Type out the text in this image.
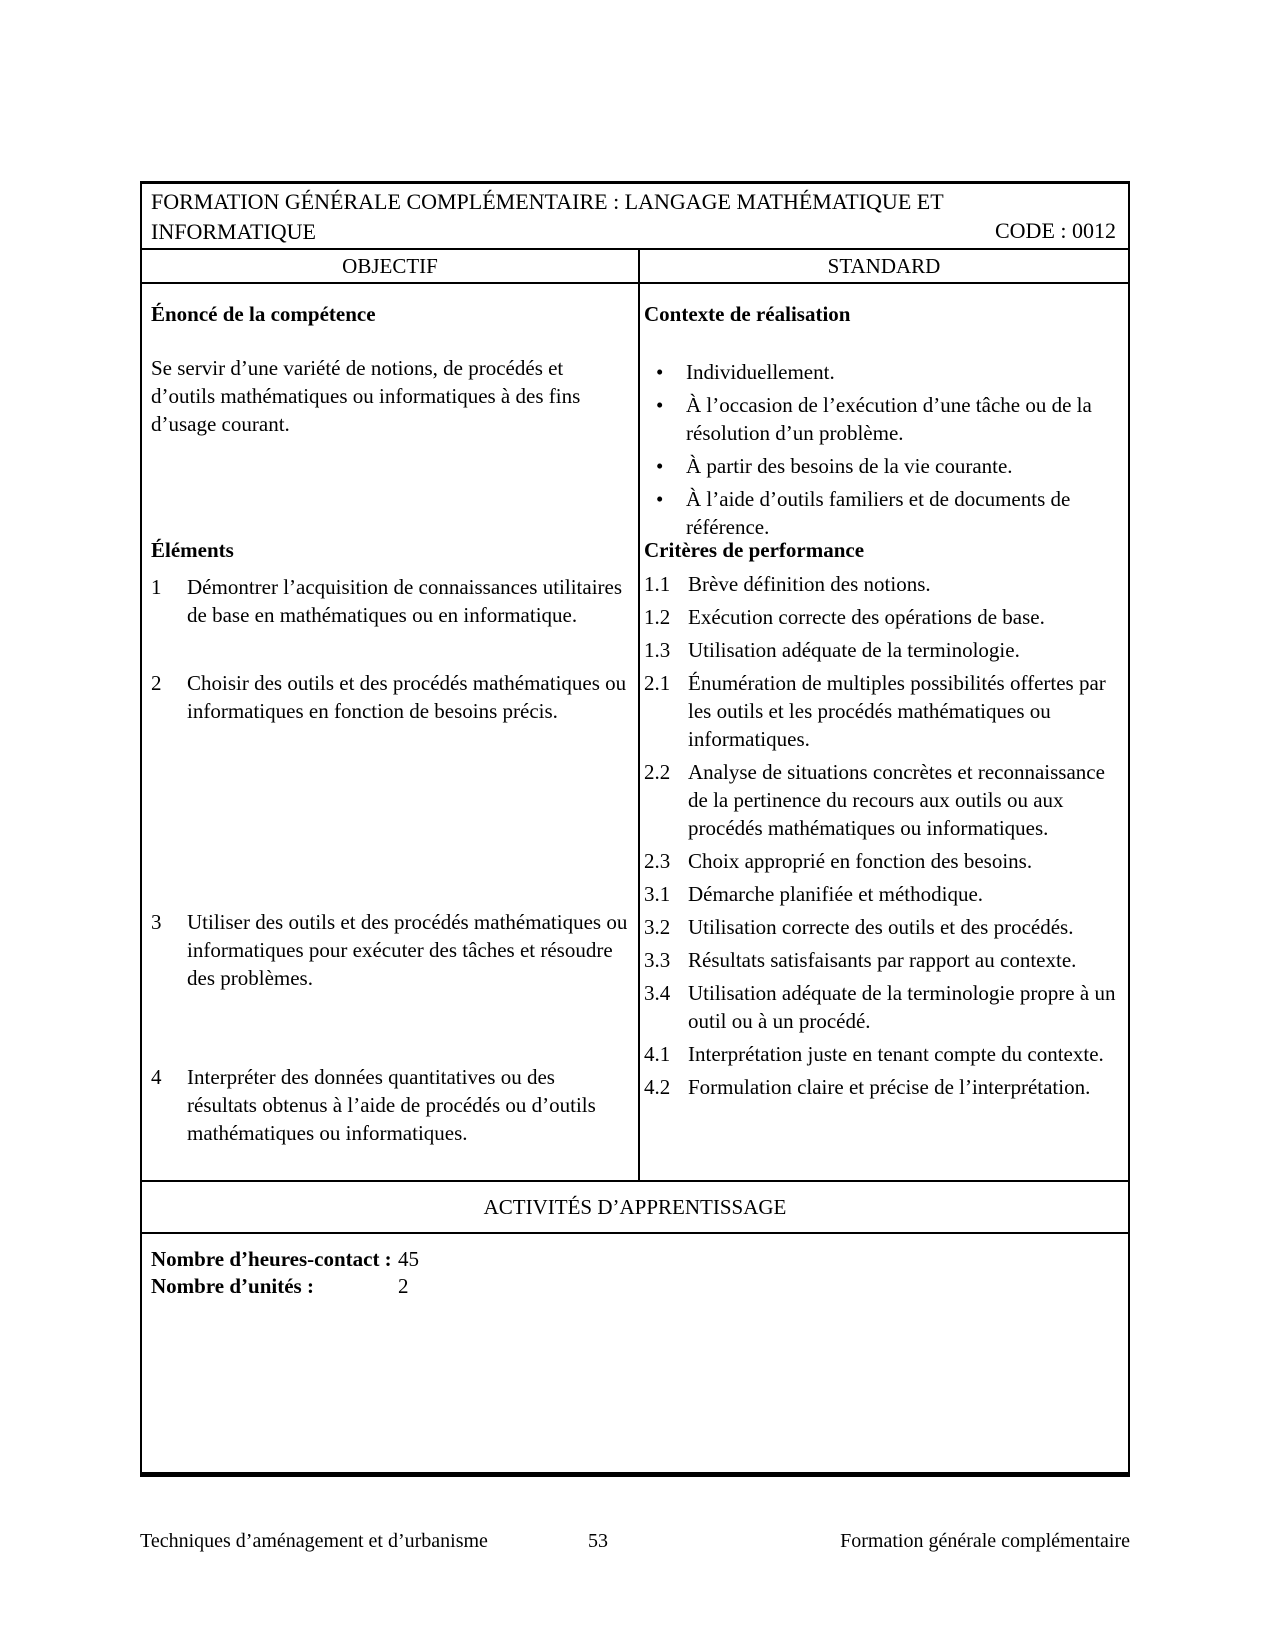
FORMATION GÉNÉRALE COMPLÉMENTAIRE : LANGAGE MATHÉMATIQUE ET
INFORMATIQUE	CODE : 0012
OBJECTIF	STANDARD
Énoncé de la compétence
Se servir d’une variété de notions, de procédés et d’outils mathématiques ou informatiques à des fins d’usage courant.
Éléments
1	Démontrer l’acquisition de connaissances utilitaires de base en mathématiques ou en informatique.
2	Choisir des outils et des procédés mathématiques ou informatiques en fonction de besoins précis.
3	Utiliser des outils et des procédés mathématiques ou informatiques pour exécuter des tâches et résoudre des problèmes.
4	Interpréter des données quantitatives ou des résultats obtenus à l’aide de procédés ou d’outils mathématiques ou informatiques.
Contexte de réalisation
•	Individuellement.
•	À l’occasion de l’exécution d’une tâche ou de la résolution d’un problème.
•	À partir des besoins de la vie courante.
•	À l’aide d’outils familiers et de documents de référence.
Critères de performance
1.1 Brève définition des notions.
1.2 Exécution correcte des opérations de base.
1.3 Utilisation adéquate de la terminologie.
2.1 Énumération de multiples possibilités offertes par les outils et les procédés mathématiques ou informatiques.
2.2 Analyse de situations concrètes et reconnaissance de la pertinence du recours aux outils ou aux procédés mathématiques ou informatiques.
2.3 Choix approprié en fonction des besoins.
3.1 Démarche planifiée et méthodique.
3.2 Utilisation correcte des outils et des procédés.
3.3 Résultats satisfaisants par rapport au contexte.
3.4 Utilisation adéquate de la terminologie propre à un outil ou à un procédé.
4.1 Interprétation juste en tenant compte du contexte.
4.2 Formulation claire et précise de l’interprétation.
ACTIVITÉS D’APPRENTISSAGE
Nombre d’heures-contact : 45
Nombre d’unités :	2
Techniques d’aménagement et d’urbanisme	53	Formation générale complémentaire
